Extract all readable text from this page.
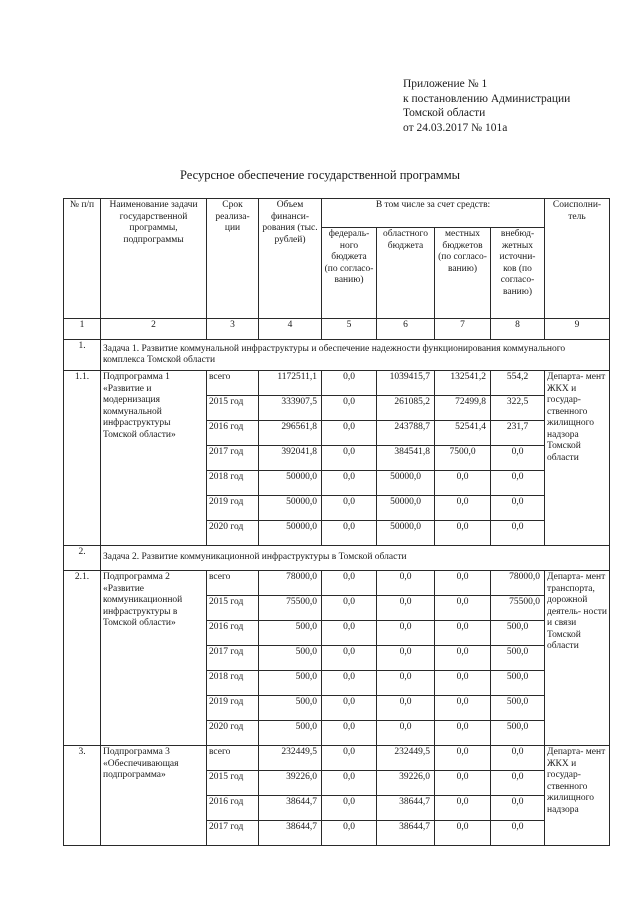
Приложение № 1
к постановлению Администрации
Томской области
от 24.03.2017 № 101а
Ресурсное обеспечение государственной программы
№ п/п	Наименование задачи государственной программы, подпрограммы	Срок реализа- ции	Объем финанси- рования (тыс. рублей)	В том числе за счет средств:				Соисполни- тель
				федераль- ного бюджета (по согласо- ванию)	областного бюджета	местных бюджетов (по согласо- ванию)	внебюд- жетных источни- ков (по согласо- ванию)	
1	2	3	4	5	6	7	8	9
1.	Задача 1. Развитие коммунальной инфраструктуры и обеспечение надежности функционирования коммунального комплекса Томской области							
1.1.	Подпрограмма 1 «Развитие и модернизация коммунальной инфраструктуры Томской области»	всего	1172511,1	0,0	1039415,7	132541,2	554,2	Департа- мент ЖКХ и государ- ственного жилищного надзора Томской области
		2015 год	333907,5	0,0	261085,2	72499,8	322,5	
		2016 год	296561,8	0,0	243788,7	52541,4	231,7	
		2017 год	392041,8	0,0	384541,8	7500,0	0,0	
		2018 год	50000,0	0,0	50000,0	0,0	0,0	
		2019 год	50000,0	0,0	50000,0	0,0	0,0	
		2020 год	50000,0	0,0	50000,0	0,0	0,0	
2.	Задача 2. Развитие коммуникационной инфраструктуры в Томской области							
2.1.	Подпрограмма 2 «Развитие коммуникационной инфраструктуры в Томской области»	всего	78000,0	0,0	0,0	0,0	78000,0	Департа- мент транспорта, дорожной деятель- ности и связи Томской области
		2015 год	75500,0	0,0	0,0	0,0	75500,0	
		2016 год	500,0	0,0	0,0	0,0	500,0	
		2017 год	500,0	0,0	0,0	0,0	500,0	
		2018 год	500,0	0,0	0,0	0,0	500,0	
		2019 год	500,0	0,0	0,0	0,0	500,0	
		2020 год	500,0	0,0	0,0	0,0	500,0	
3.	Подпрограмма 3 «Обеспечивающая подпрограмма»	всего	232449,5	0,0	232449,5	0,0	0,0	Департа- мент ЖКХ и государ- ственного жилищного надзора
		2015 год	39226,0	0,0	39226,0	0,0	0,0	
		2016 год	38644,7	0,0	38644,7	0,0	0,0	
		2017 год	38644,7	0,0	38644,7	0,0	0,0	
